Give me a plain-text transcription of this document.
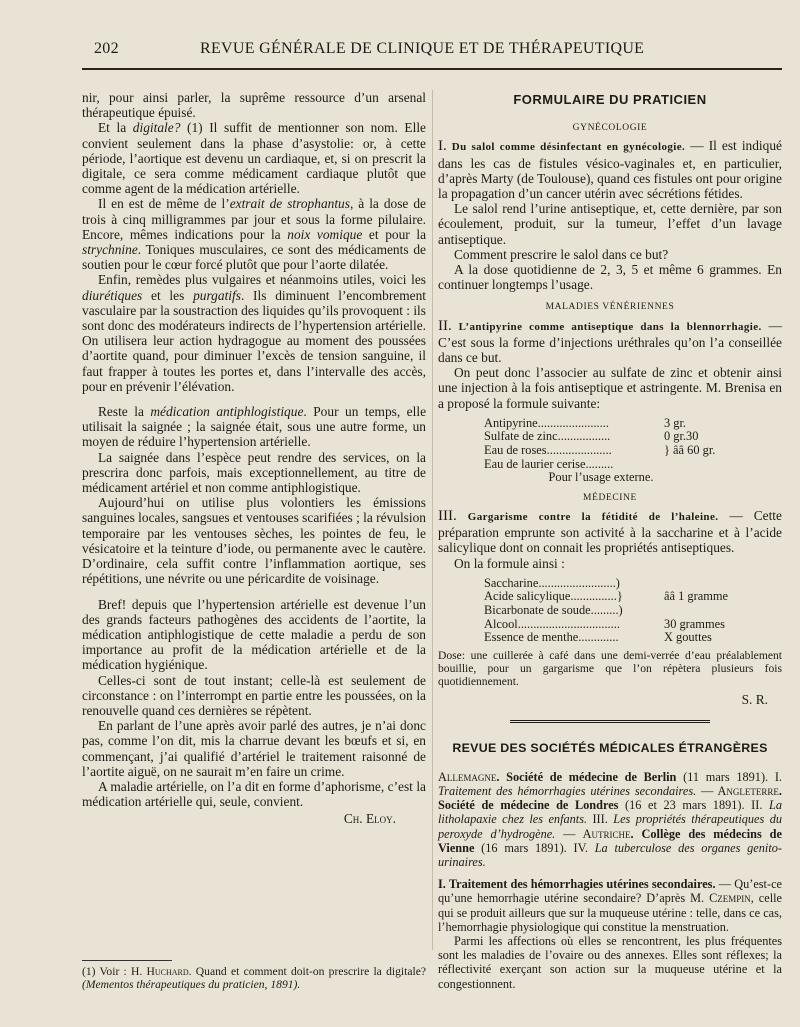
202	REVUE GÉNÉRALE DE CLINIQUE ET DE THÉRAPEUTIQUE

nir, pour ainsi parler, la suprême ressource d’un arsenal thérapeutique épuisé.

Et la digitale? (1) Il suffit de mentionner son nom. Elle convient seulement dans la phase d’asystolie: or, à cette période, l’aortique est devenu un cardiaque, et, si on prescrit la digitale, ce sera comme médicament cardiaque plutôt que comme agent de la médication artérielle.

Il en est de même de l’extrait de strophantus, à la dose de trois à cinq milligrammes par jour et sous la forme pilulaire. Encore, mêmes indications pour la noix vomique et pour la strychnine. Toniques musculaires, ce sont des médicaments de soutien pour le cœur forcé plutôt que pour l’aorte dilatée.

Enfin, remèdes plus vulgaires et néanmoins utiles, voici les diurétiques et les purgatifs. Ils diminuent l’encombrement vasculaire par la soustraction des liquides qu’ils provoquent : ils sont donc des modérateurs indirects de l’hypertension artérielle. On utilisera leur action hydragogue au moment des poussées d’aortite quand, pour diminuer l’excès de tension sanguine, il faut frapper à toutes les portes et, dans l’intervalle des accès, pour en prévenir l’élévation.

Reste la médication antiphlogistique. Pour un temps, elle utilisait la saignée ; la saignée était, sous une autre forme, un moyen de réduire l’hypertension artérielle.

La saignée dans l’espèce peut rendre des services, on la prescrira donc parfois, mais exceptionnellement, au titre de médicament artériel et non comme antiphlogistique.

Aujourd’hui on utilise plus volontiers les émissions sanguines locales, sangsues et ventouses scarifiées ; la révulsion temporaire par les ventouses sèches, les pointes de feu, le vésicatoire et la teinture d’iode, ou permanente avec le cautère. D’ordinaire, cela suffit contre l’inflammation aortique, ses répétitions, une névrite ou une péricardite de voisinage.

Bref! depuis que l’hypertension artérielle est devenue l’un des grands facteurs pathogènes des accidents de l’aortite, la médication antiphlogistique de cette maladie a perdu de son importance au profit de la médication artérielle et de la médication hygiénique.

Celles-ci sont de tout instant; celle-là est seulement de circonstance : on l’interrompt en partie entre les poussées, on la renouvelle quand ces dernières se répètent.

En parlant de l’une après avoir parlé des autres, je n’ai donc pas, comme l’on dit, mis la charrue devant les bœufs et si, en commençant, j’ai qualifié d’artériel le traitement raisonné de l’aortite aiguë, on ne saurait m’en faire un crime.

A maladie artérielle, on l’a dit en forme d’aphorisme, c’est la médication artérielle qui, seule, convient.

Ch. Eloy.
(1) Voir : H. Huchard. Quand et comment doit-on prescrire la digitale? (Mementos thérapeutiques du praticien, 1891).
FORMULAIRE DU PRATICIEN
GYNÉCOLOGIE

I. Du salol comme désinfectant en gynécologie. — Il est indiqué dans les cas de fistules vésico-vaginales et, en particulier, d’après Marty (de Toulouse), quand ces fistules ont pour origine la propagation d’un cancer utérin avec sécrétions fétides.

Le salol rend l’urine antiseptique, et, cette dernière, par son écoulement, produit, sur la tumeur, l’effet d’un lavage antiseptique.

Comment prescrire le salol dans ce but?

A la dose quotidienne de 2, 3, 5 et même 6 grammes. En continuer longtemps l’usage.

MALADIES VÉNÉRIENNES

II. L’antipyrine comme antiseptique dans la blennorrhagie. — C’est sous la forme d’injections uréthrales qu’on l’a conseillée dans ce but.

On peut donc l’associer au sulfate de zinc et obtenir ainsi une injection à la fois antiseptique et astringente. M. Brenisa en a proposé la formule suivante:

Antipyrine.......................	3 gr.
Sulfate de zinc.................	0 gr.30
Eau de roses.....................	} ââ 60 gr.
Eau de laurier cerise.........
Pour l’usage externe.
MÉDECINE

III. Gargarisme contre la fétidité de l’haleine. — Cette préparation emprunte son activité à la saccharine et à l’acide salicylique dont on connait les propriétés antiseptiques.

On la formule ainsi :

Saccharine.........................)
Acide salicylique...............}	ââ 1 gramme
Bicarbonate de soude.........)
Alcool.................................	30 grammes
Essence de menthe.............	X gouttes
Dose: une cuillerée à café dans une demi-verrée d’eau préalablement bouillie, pour un gargarisme que l’on répètera plusieurs fois quotidiennement.
S. R.
REVUE DES SOCIÉTÉS MÉDICALES ÉTRANGÈRES

Allemagne. Société de médecine de Berlin (11 mars 1891). I. Traitement des hémorrhagies utérines secondaires. — Angleterre. Société de médecine de Londres (16 et 23 mars 1891). II. La litholapaxie chez les enfants. III. Les propriétés thérapeutiques du peroxyde d’hydrogène. — Autriche. Collège des médecins de Vienne (16 mars 1891). IV. La tuberculose des organes genito-urinaires.

I. Traitement des hémorrhagies utérines secondaires. — Qu’est-ce qu’une hemorrhagie utérine secondaire? D’après M. Czempin, celle qui se produit ailleurs que sur la muqueuse utérine : telle, dans ce cas, l’hemorrhagie physiologique qui constitue la menstruation.

Parmi les affections où elles se rencontrent, les plus fréquentes sont les maladies de l’ovaire ou des annexes. Elles sont réflexes; la réflectivité exerçant son action sur la muqueuse utérine et la congestionnent.
